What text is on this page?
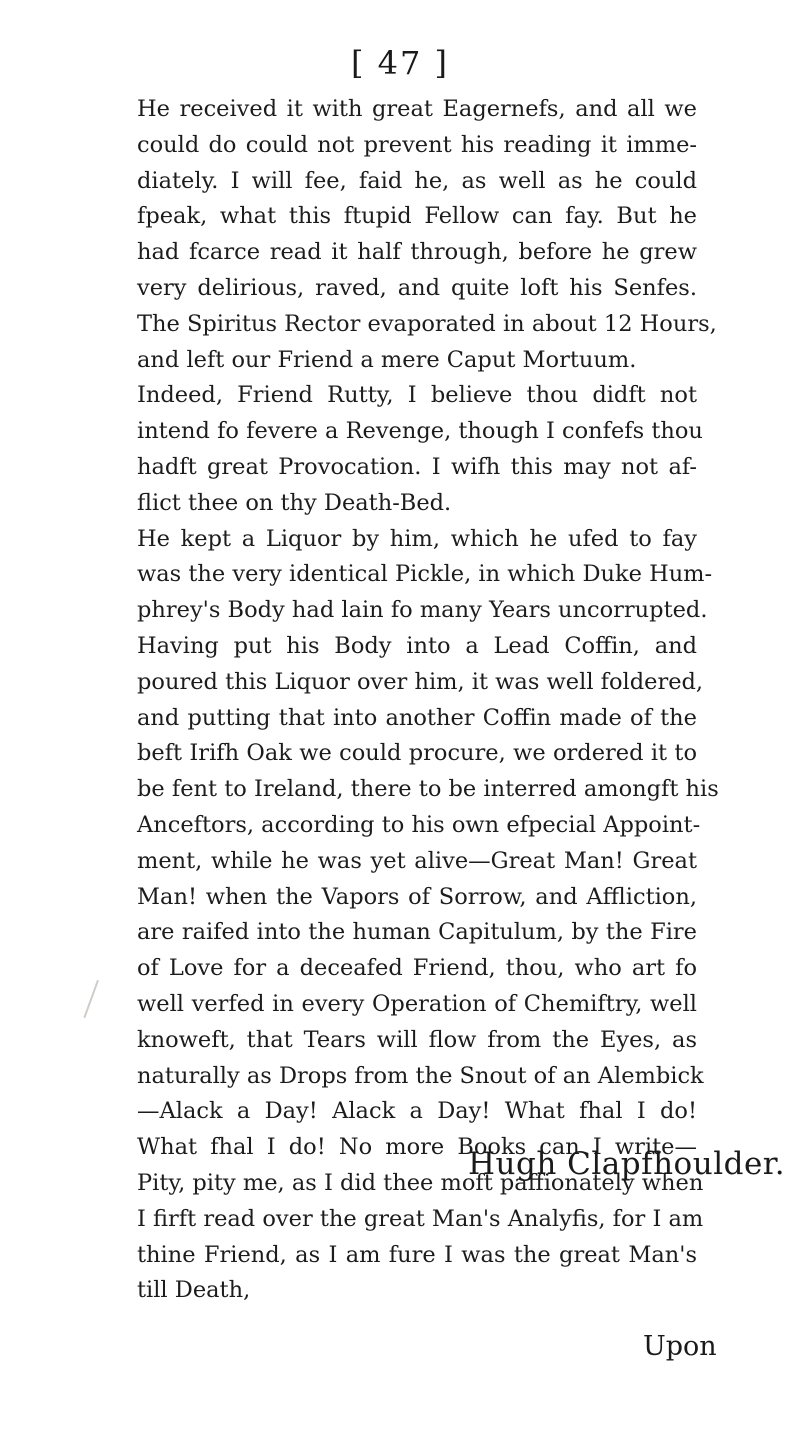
[ 47 ]
He received it with great Eagernefs, and all we
could do could not prevent his reading it imme-
diately. I will fee, faid he, as well as he could
fpeak, what this ftupid Fellow can fay. But he
had fcarce read it half through, before he grew
very delirious, raved, and quite loft his Senfes.
The Spiritus Rector evaporated in about 12 Hours,
and left our Friend a mere Caput Mortuum.
Indeed, Friend Rutty, I believe thou didft not
intend fo fevere a Revenge, though I confefs thou
hadft great Provocation. I wifh this may not af-
flict thee on thy Death-Bed.
He kept a Liquor by him, which he ufed to fay
was the very identical Pickle, in which Duke Hum-
phrey's Body had lain fo many Years uncorrupted.
Having put his Body into a Lead Coffin, and
poured this Liquor over him, it was well foldered,
and putting that into another Coffin made of the
beft Irifh Oak we could procure, we ordered it to
be fent to Ireland, there to be interred amongft his
Anceftors, according to his own efpecial Appoint-
ment, while he was yet alive—Great Man! Great
Man! when the Vapors of Sorrow, and Affliction,
are raifed into the human Capitulum, by the Fire
of Love for a deceafed Friend, thou, who art fo
well verfed in every Operation of Chemiftry, well
knoweft, that Tears will flow from the Eyes, as
naturally as Drops from the Snout of an Alembick
—Alack a Day! Alack a Day! What fhal I do!
What fhal I do! No more Books can I write—
Pity, pity me, as I did thee moft paffionately when
I firft read over the great Man's Analyfis, for I am
thine Friend, as I am fure I was the great Man's
till Death,
Hugh Clapfhoulder.
Upon
